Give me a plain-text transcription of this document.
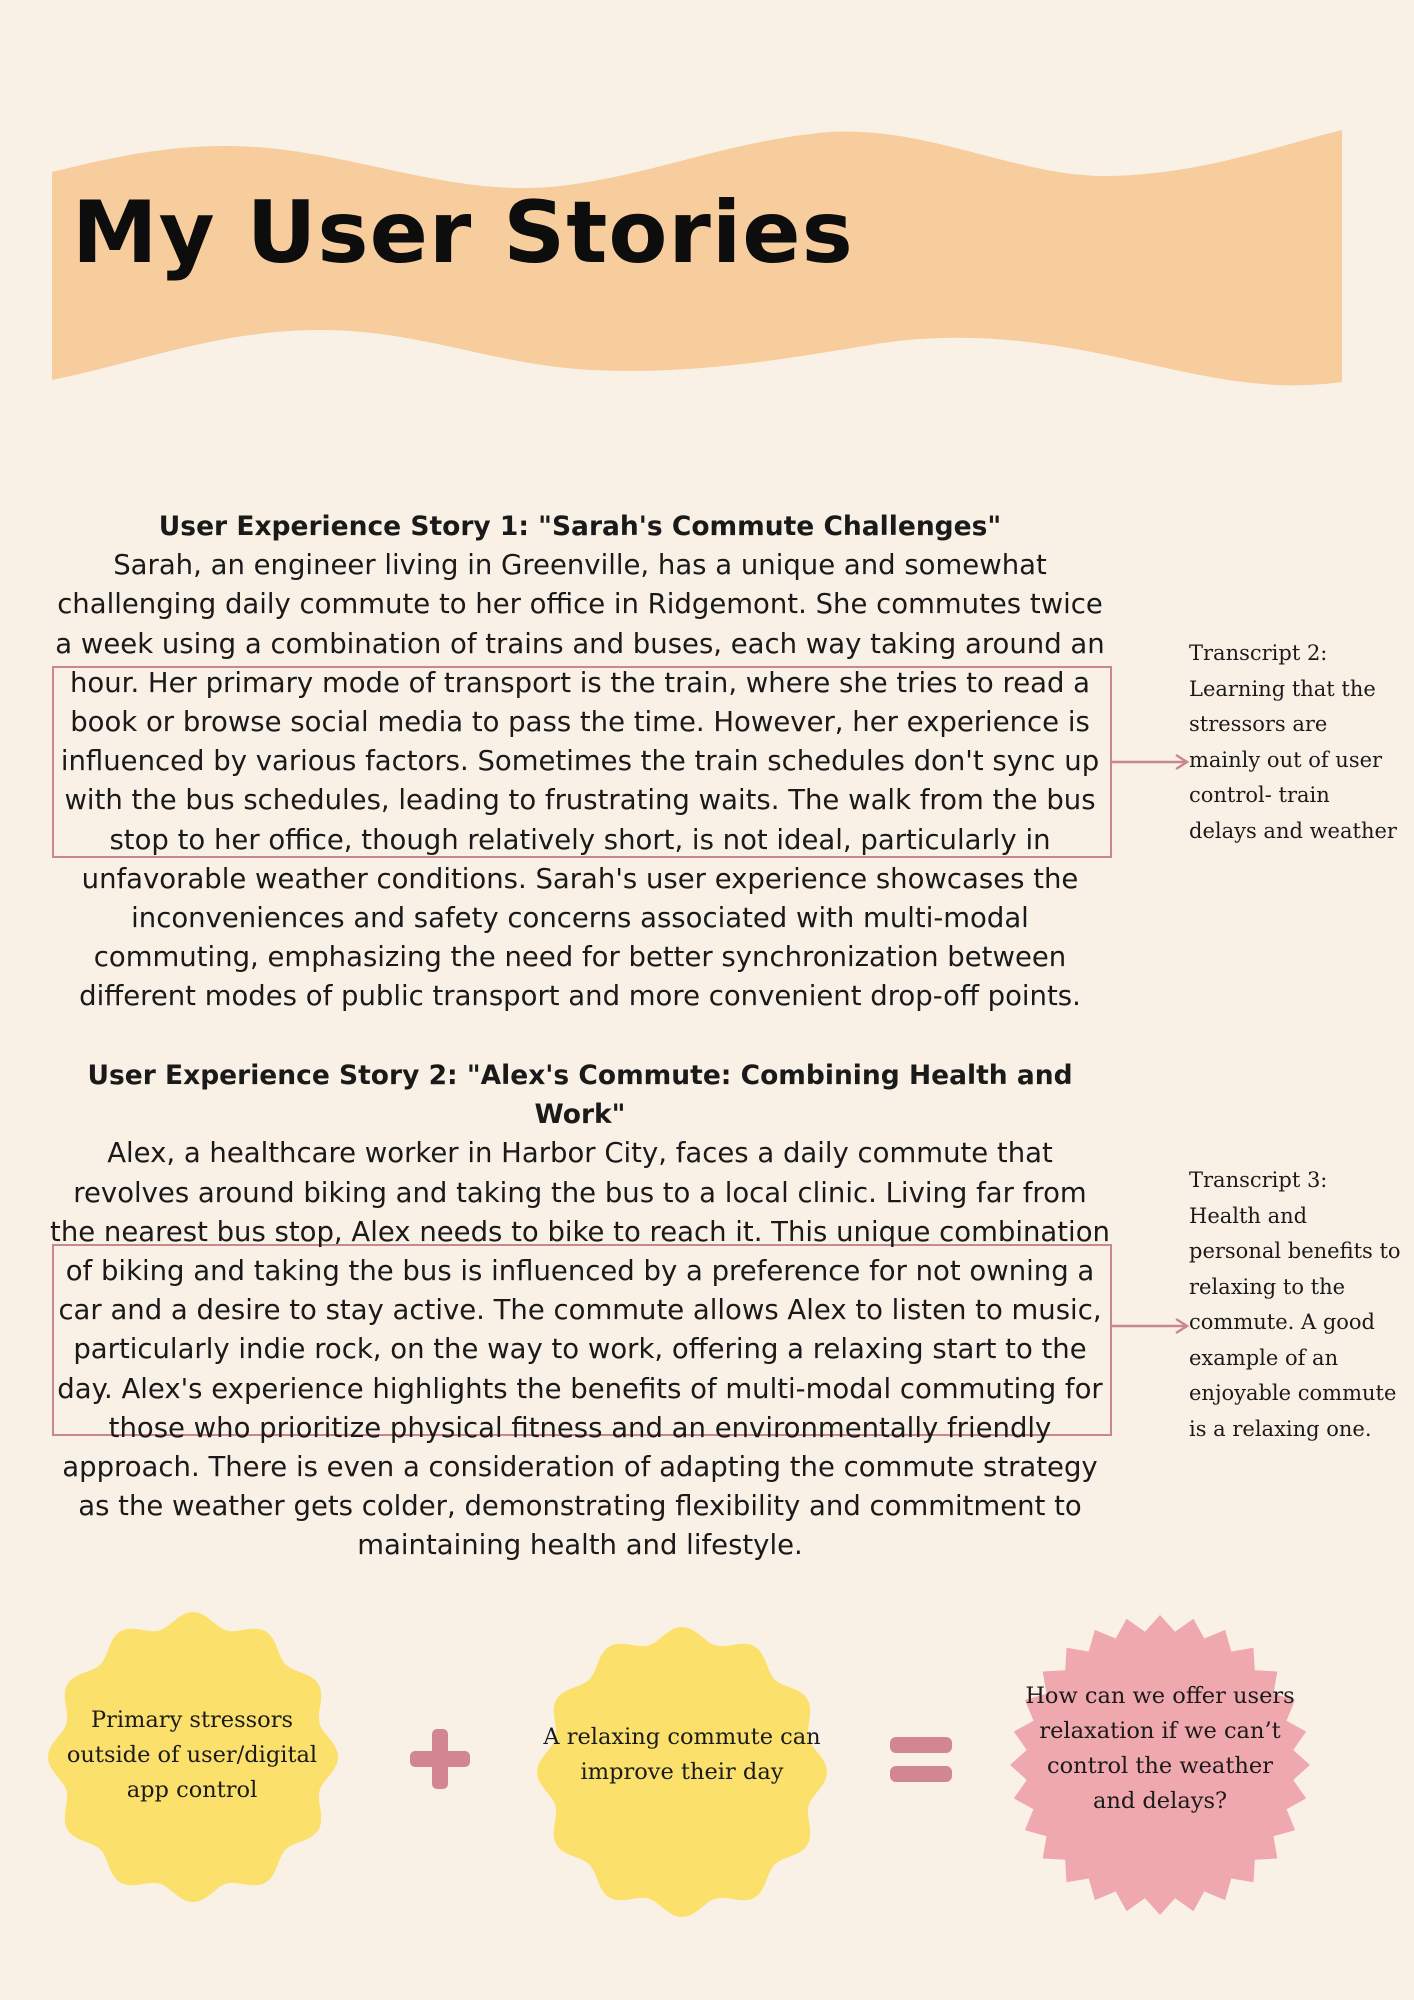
My User Stories
User Experience Story 1: "Sarah's Commute Challenges"

Sarah, an engineer living in Greenville, has a unique and somewhat challenging daily commute to her office in Ridgemont. She commutes twice a week using a combination of trains and buses, each way taking around an hour. Her primary mode of transport is the train, where she tries to read a book or browse social media to pass the time. However, her experience is influenced by various factors. Sometimes the train schedules don't sync up with the bus schedules, leading to frustrating waits. The walk from the bus stop to her office, though relatively short, is not ideal, particularly in unfavorable weather conditions. Sarah's user experience showcases the inconveniences and safety concerns associated with multi-modal commuting, emphasizing the need for better synchronization between different modes of public transport and more convenient drop-off points.

User Experience Story 2: "Alex's Commute: Combining Health and Work"

Alex, a healthcare worker in Harbor City, faces a daily commute that revolves around biking and taking the bus to a local clinic. Living far from the nearest bus stop, Alex needs to bike to reach it. This unique combination of biking and taking the bus is influenced by a preference for not owning a car and a desire to stay active. The commute allows Alex to listen to music, particularly indie rock, on the way to work, offering a relaxing start to the day. Alex's experience highlights the benefits of multi-modal commuting for those who prioritize physical fitness and an environmentally friendly approach. There is even a consideration of adapting the commute strategy as the weather gets colder, demonstrating flexibility and commitment to maintaining health and lifestyle.

Transcript 2: Learning that the stressors are mainly out of user control- train delays and weather
Transcript 3: Health and personal benefits to relaxing to the commute. A good example of an enjoyable commute is a relaxing one.
Primary stressors outside of user/digital app control
A relaxing commute can improve their day
How can we offer users relaxation if we can’t control the weather and delays?
